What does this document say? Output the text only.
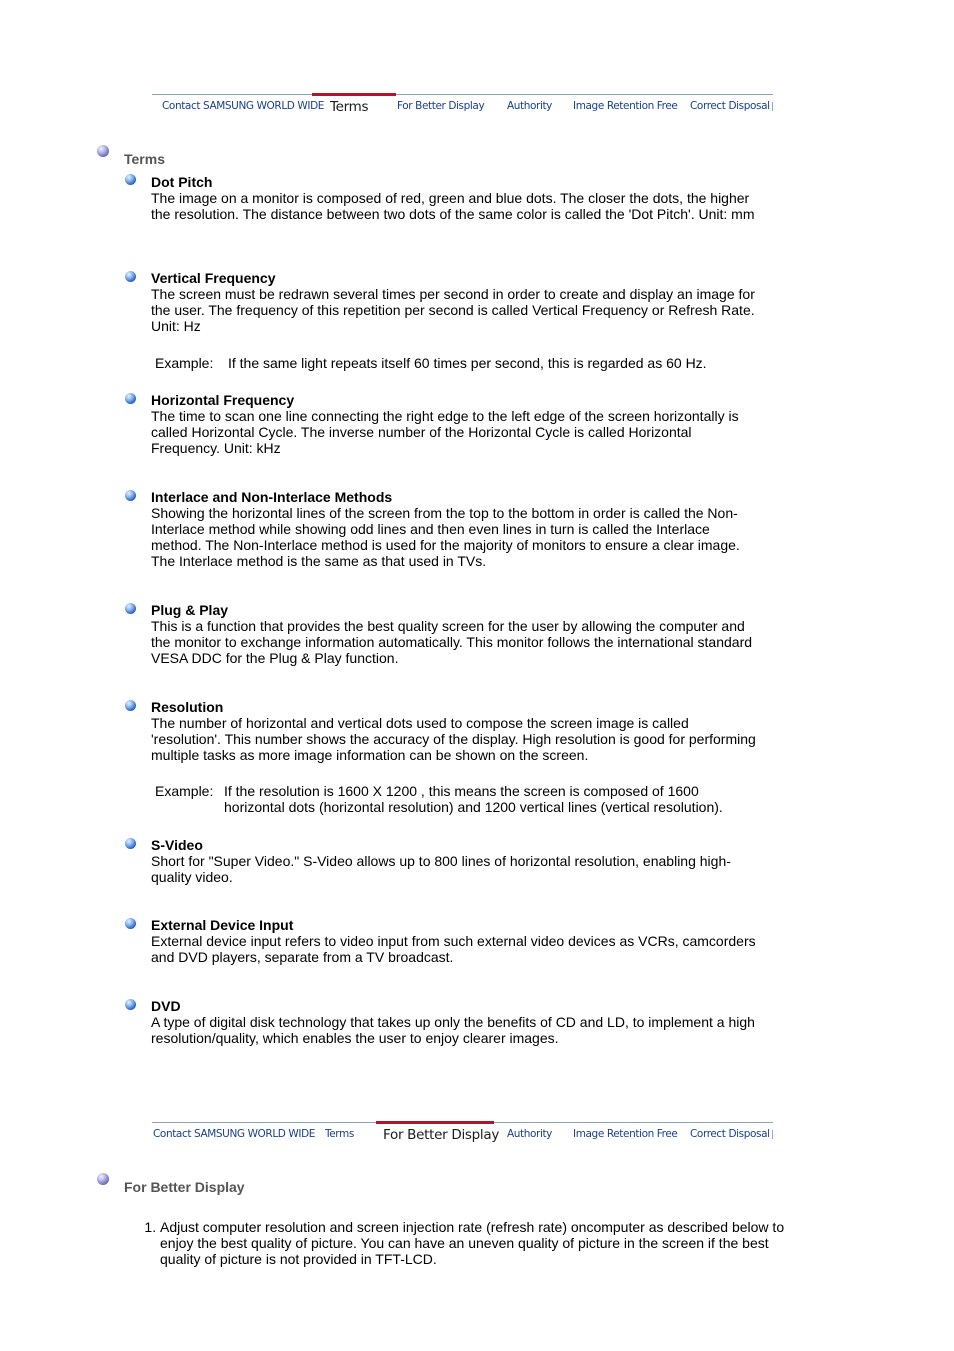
Contact SAMSUNG WORLD WIDE Terms	For Better Display Authority Image Retention Free Correct Disposal
Terms
Dot Pitch

The image on a monitor is composed of red, green and blue dots. The closer the dots, the higher the resolution. The distance between two dots of the same color is called the 'Dot Pitch'. Unit: mm

Vertical Frequency

The screen must be redrawn several times per second in order to create and display an image for the user. The frequency of this repetition per second is called Vertical Frequency or Refresh Rate. Unit: Hz

Example: If the same light repeats itself 60 times per second, this is regarded as 60 Hz.
Horizontal Frequency

The time to scan one line connecting the right edge to the left edge of the screen horizontally is called Horizontal Cycle. The inverse number of the Horizontal Cycle is called Horizontal Frequency. Unit: kHz

Interlace and Non-Interlace Methods

Showing the horizontal lines of the screen from the top to the bottom in order is called the Non-Interlace method while showing odd lines and then even lines in turn is called the Interlace method. The Non-Interlace method is used for the majority of monitors to ensure a clear image. The Interlace method is the same as that used in TVs.

Plug & Play

This is a function that provides the best quality screen for the user by allowing the computer and the monitor to exchange information automatically. This monitor follows the international standard VESA DDC for the Plug & Play function.

Resolution

The number of horizontal and vertical dots used to compose the screen image is called 'resolution'. This number shows the accuracy of the display. High resolution is good for performing multiple tasks as more image information can be shown on the screen.

Example: If the resolution is 1600 X 1200 , this means the screen is composed of 1600 horizontal dots (horizontal resolution) and 1200 vertical lines (vertical resolution).
S-Video

Short for "Super Video." S-Video allows up to 800 lines of horizontal resolution, enabling high-quality video.

External Device Input

External device input refers to video input from such external video devices as VCRs, camcorders and DVD players, separate from a TV broadcast.

DVD

A type of digital disk technology that takes up only the benefits of CD and LD, to implement a high resolution/quality, which enables the user to enjoy clearer images.

Contact SAMSUNG WORLD WIDE Terms	For Better Display Authority Image Retention Free Correct Disposal
For Better Display
1. Adjust computer resolution and screen injection rate (refresh rate) oncomputer as described below to enjoy the best quality of picture. You can have an uneven quality of picture in the screen if the best quality of picture is not provided in TFT-LCD.
